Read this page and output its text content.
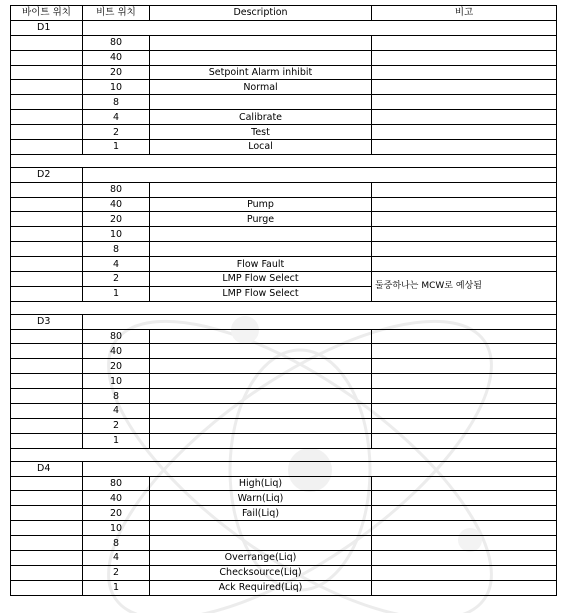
바이트 위치	비트 위치	Description	비고
D1			
	80		
	40		
	20	Setpoint Alarm inhibit	
	10	Normal	
	8		
	4	Calibrate	
	2	Test	
	1	Local	

D2			
	80		
	40	Pump	
	20	Purge	
	10		
	8		
	4	Flow Fault	
	2	LMP Flow Select	둘중하나는 MCW로 예상됨
	1	LMP Flow Select	

D3			
	80		
	40		
	20		
	10		
	8		
	4		
	2		
	1		

D4			
	80	High(Liq)	
	40	Warn(Liq)	
	20	Fail(Liq)	
	10		
	8		
	4	Overrange(Liq)	
	2	Checksource(Liq)	
	1	Ack Required(Liq)	
